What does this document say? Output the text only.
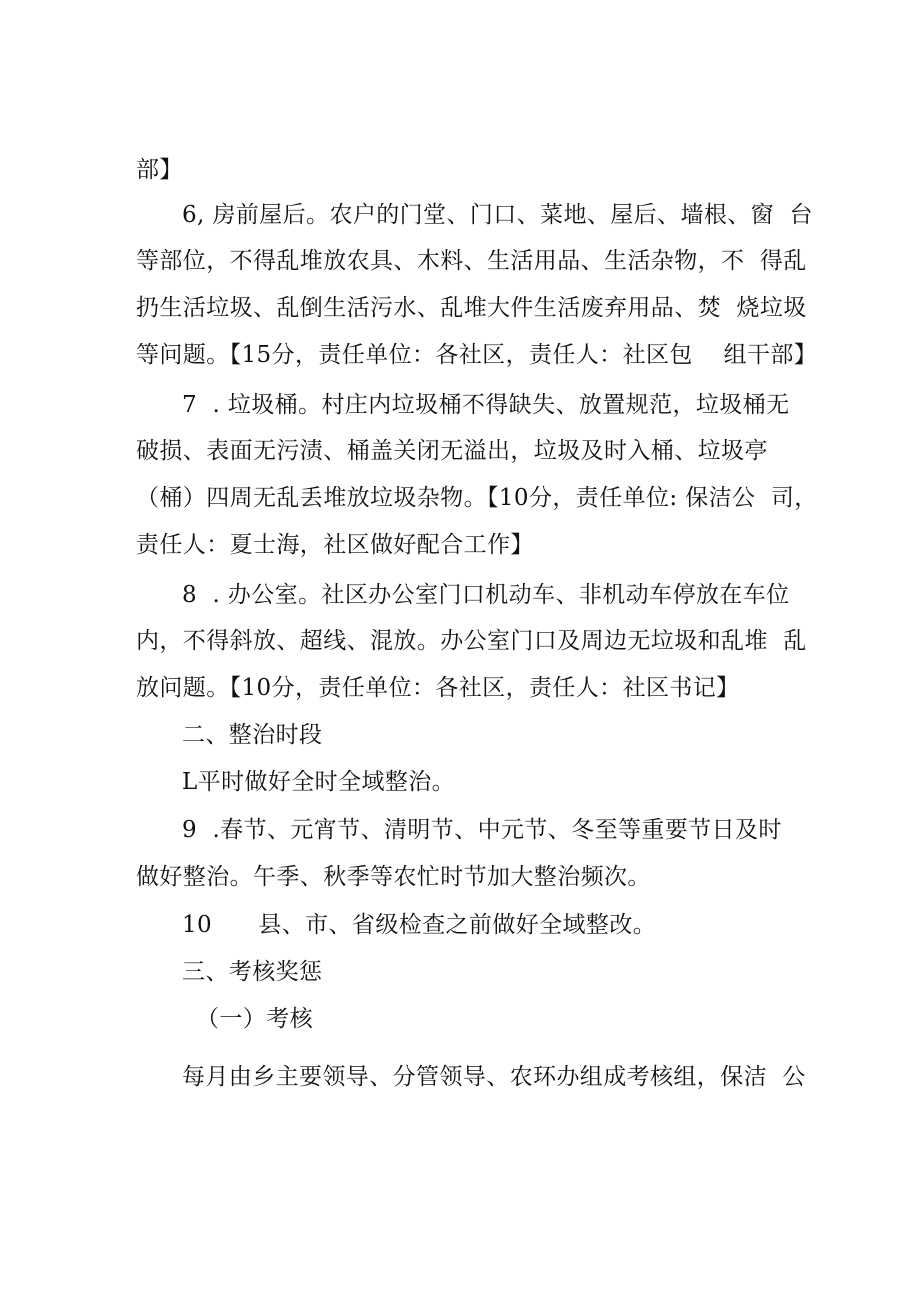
部】
6, 房前屋后。农户的门堂、门口、菜地、屋后、墙根、窗  台
等部位，不得乱堆放农具、木料、生活用品、生活杂物，不  得乱
扔生活垃圾、乱倒生活污水、乱堆大件生活废弃用品、焚  烧垃圾
等问题。【15分，责任单位：各社区，责任人：社区包    组干部】
7  . 垃圾桶。村庄内垃圾桶不得缺失、放置规范，垃圾桶无
破损、表面无污渍、桶盖关闭无溢出，垃圾及时入桶、垃圾亭
（桶）四周无乱丢堆放垃圾杂物。【10分，责任单位: 保洁公  司，
责任人：夏士海，社区做好配合工作】
8  . 办公室。社区办公室门口机动车、非机动车停放在车位
内，不得斜放、超线、混放。办公室门口及周边无垃圾和乱堆  乱
放问题。【10分，责任单位：各社区，责任人：社区书记】
二、整治时段
L平时做好全时全域整治。
9  .春节、元宵节、清明节、中元节、冬至等重要节日及时
做好整治。午季、秋季等农忙时节加大整治频次。
10      县、市、省级检查之前做好全域整改。
三、考核奖惩
（一）考核
每月由乡主要领导、分管领导、农环办组成考核组，保洁  公
